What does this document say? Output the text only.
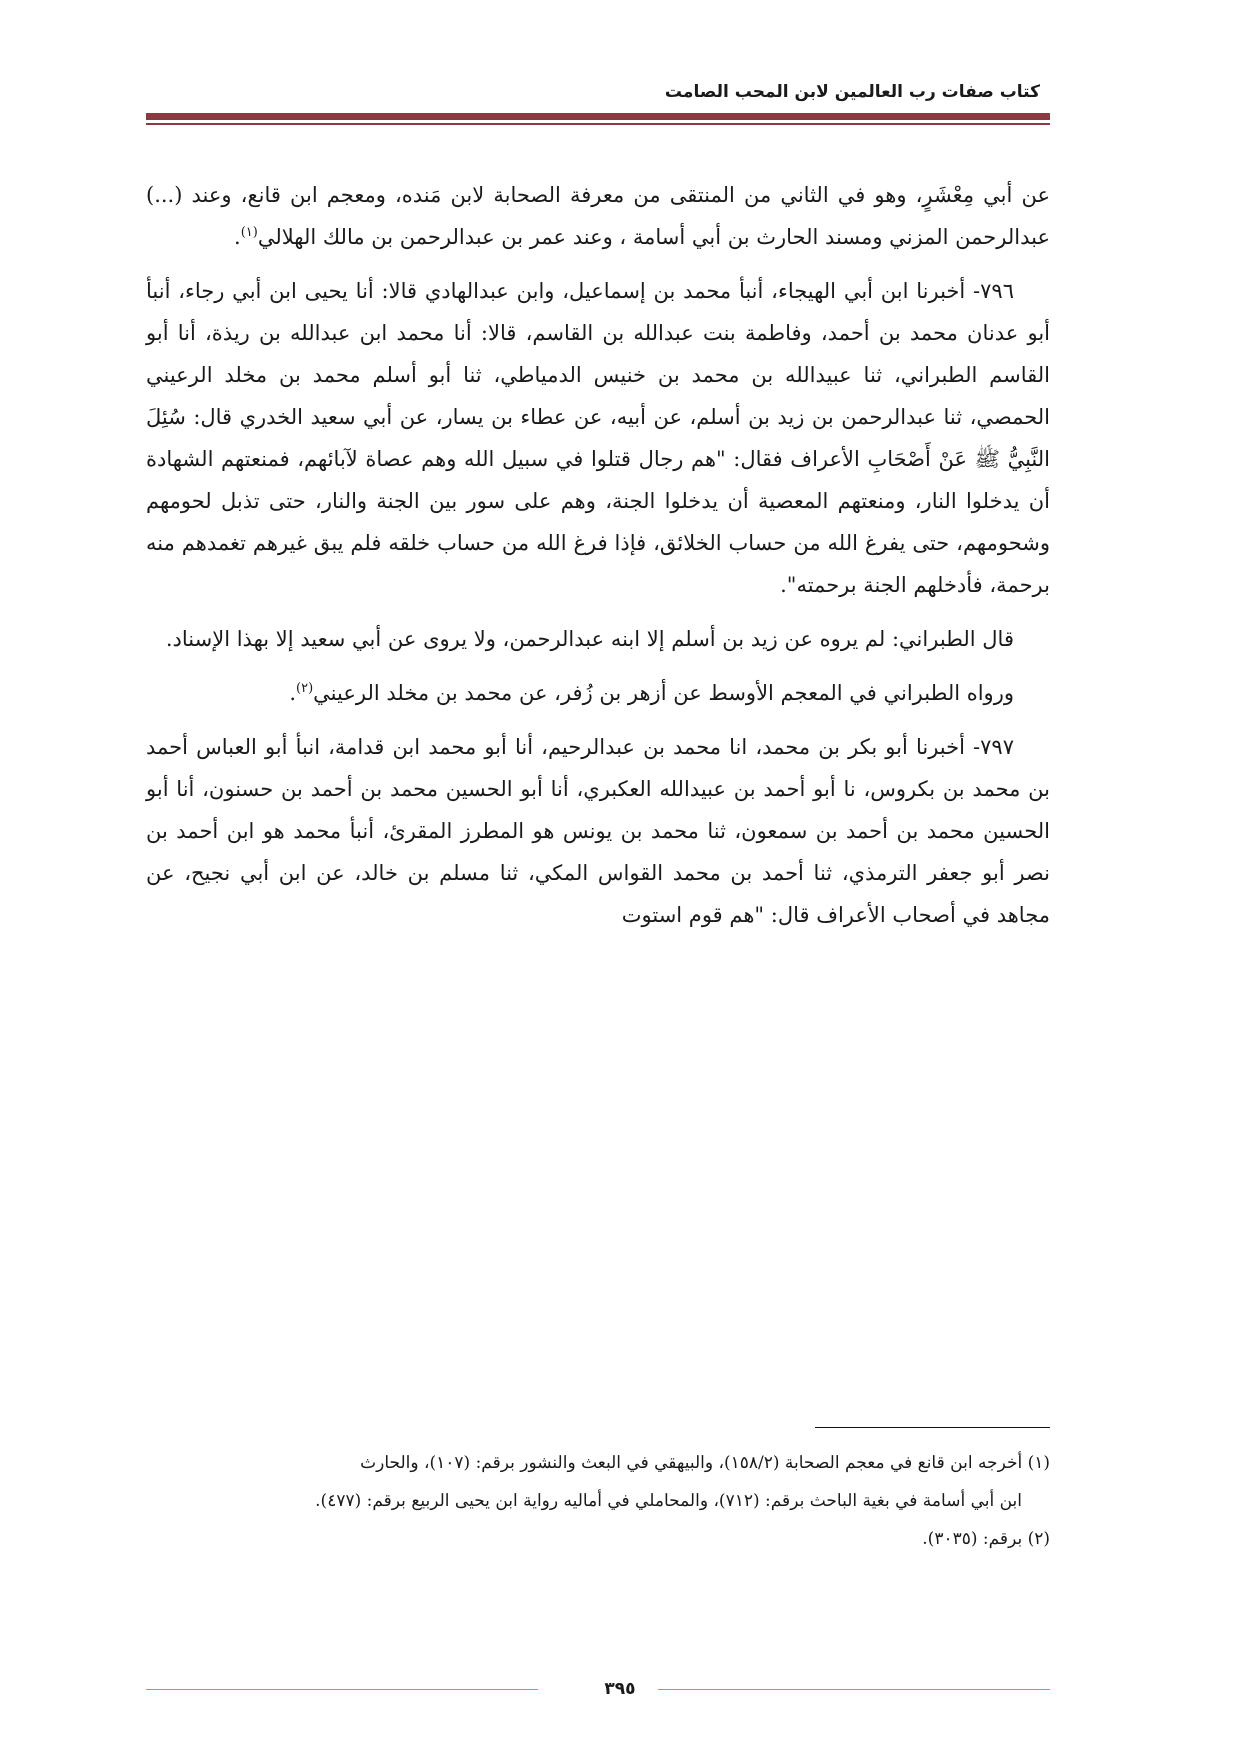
كتاب صفات رب العالمين لابن المحب الصامت

عن أبي مِعْشَرٍ، وهو في الثاني من المنتقى من معرفة الصحابة لابن مَنده، ومعجم ابن قانع، وعند (...) عبدالرحمن المزني ومسند الحارث بن أبي أسامة ، وعند عمر بن عبدالرحمن بن مالك الهلالي$^{(١)}$.

٧٩٦- أخبرنا ابن أبي الهيجاء، أنبأ محمد بن إسماعيل، وابن عبدالهادي قالا: أنا يحيى ابن أبي رجاء، أنبأ أبو عدنان محمد بن أحمد، وفاطمة بنت عبدالله بن القاسم، قالا: أنا محمد ابن عبدالله بن ريذة، أنا أبو القاسم الطبراني، ثنا عبيدالله بن محمد بن خنيس الدمياطي، ثنا أبو أسلم محمد بن مخلد الرعيني الحمصي، ثنا عبدالرحمن بن زيد بن أسلم، عن أبيه، عن عطاء بن يسار، عن أبي سعيد الخدري قال: سُئِلَ النَّبِيُّ ﷺ عَنْ أَصْحَابِ الأعراف فقال: "هم رجال قتلوا في سبيل الله وهم عصاة لآبائهم، فمنعتهم الشهادة أن يدخلوا النار، ومنعتهم المعصية أن يدخلوا الجنة، وهم على سور بين الجنة والنار، حتى تذبل لحومهم وشحومهم، حتى يفرغ الله من حساب الخلائق، فإذا فرغ الله من حساب خلقه فلم يبق غيرهم تغمدهم منه برحمة، فأدخلهم الجنة برحمته".

قال الطبراني: لم يروه عن زيد بن أسلم إلا ابنه عبدالرحمن، ولا يروى عن أبي سعيد إلا بهذا الإسناد.

ورواه الطبراني في المعجم الأوسط عن أزهر بن زُفر، عن محمد بن مخلد الرعيني$^{(٢)}$.

٧٩٧- أخبرنا أبو بكر بن محمد، انا محمد بن عبدالرحيم، أنا أبو محمد ابن قدامة، انبأ أبو العباس أحمد بن محمد بن بكروس، نا أبو أحمد بن عبيدالله العكبري، أنا أبو الحسين محمد بن أحمد بن حسنون، أنا أبو الحسين محمد بن أحمد بن سمعون، ثنا محمد بن يونس هو المطرز المقرئ، أنبأ محمد هو ابن أحمد بن نصر أبو جعفر الترمذي، ثنا أحمد بن محمد القواس المكي، ثنا مسلم بن خالد، عن ابن أبي نجيح، عن مجاهد في أصحاب الأعراف قال: "هم قوم استوت

(١) أخرجه ابن قانع في معجم الصحابة (١٥٨/٢)، والبيهقي في البعث والنشور برقم: (١٠٧)، والحارث

ابن أبي أسامة في بغية الباحث برقم: (٧١٢)، والمحاملي في أماليه رواية ابن يحيى الربيع برقم: (٤٧٧).

(٢) برقم: (٣٠٣٥).

٣٩٥
